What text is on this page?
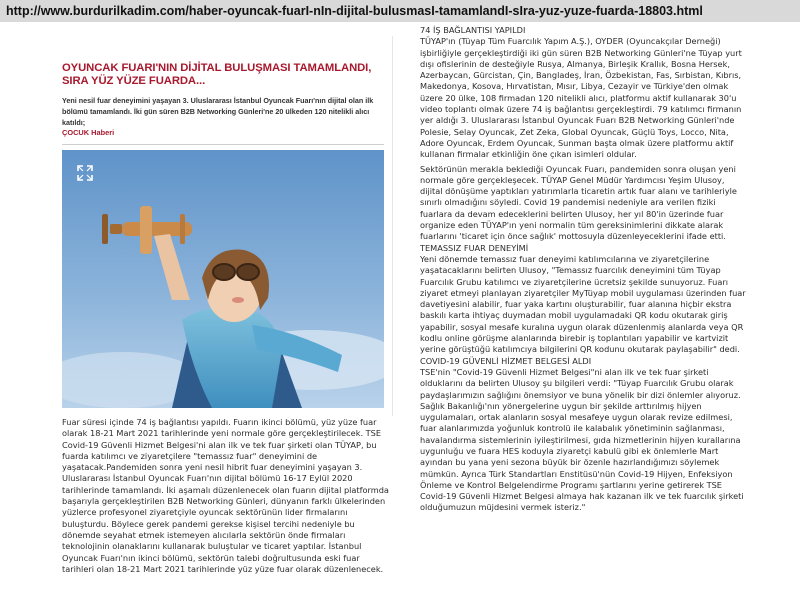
http://www.burdurilkadim.com/haber-oyuncak-fuarI-nIn-dijital-bulusmasI-tamamlandI-sIra-yuz-yuze-fuarda-18803.html
OYUNCAK FUARI'NIN DİJİTAL BULUŞMASI TAMAMLANDI, SIRA YÜZ YÜZE FUARDA...
Yeni nesil fuar deneyimini yaşayan 3. Uluslararası İstanbul Oyuncak Fuarı'nın dijital olan ilk bölümü tamamlandı. İki gün süren B2B Networking Günleri'ne 20 ülkeden 120 nitelikli alıcı katıldı;
ÇOCUK Haberi

Fuar süresi içinde 74 iş bağlantısı yapıldı. Fuarın ikinci bölümü, yüz yüze fuar olarak 18-21 Mart 2021 tarihlerinde yeni normale göre gerçekleştirilecek. TSE Covid-19 Güvenli Hizmet Belgesi'ni alan ilk ve tek fuar şirketi olan TÜYAP, bu fuarda katılımcı ve ziyaretçilere "temassız fuar" deneyimini de yaşatacak.Pandemiden sonra yeni nesil hibrit fuar deneyimini yaşayan 3. Uluslararası İstanbul Oyuncak Fuarı'nın dijital bölümü 16-17 Eylül 2020 tarihlerinde tamamlandı. İki aşamalı düzenlenecek olan fuarın dijital platformda başarıyla gerçekleştirilen B2B Networking Günleri, dünyanın farklı ülkelerinden yüzlerce profesyonel ziyaretçiyle oyuncak sektörünün lider firmalarını buluşturdu. Böylece gerek pandemi gerekse kişisel tercihi nedeniyle bu dönemde seyahat etmek istemeyen alıcılarla sektörün önde firmaları teknolojinin olanaklarını kullanarak buluştular ve ticaret yaptılar. İstanbul Oyuncak Fuarı'nın ikinci bölümü, sektörün talebi doğrultusunda eski fuar tarihleri olan 18-21 Mart 2021 tarihlerinde yüz yüze fuar olarak düzenlenecek.

74 İŞ BAĞLANTISI YAPILDI

TÜYAP'ın (Tüyap Tüm Fuarcılık Yapım A.Ş.), OYDER (Oyuncakçılar Derneği) işbirliğiyle gerçekleştirdiği iki gün süren B2B Networking Günleri'ne Tüyap yurt dışı ofislerinin de desteğiyle Rusya, Almanya, Birleşik Krallık, Bosna Hersek, Azerbaycan, Gürcistan, Çin, Bangladeş, İran, Özbekistan, Fas, Sırbistan, Kıbrıs, Makedonya, Kosova, Hırvatistan, Mısır, Libya, Cezayir ve Türkiye'den olmak üzere 20 ülke, 108 firmadan 120 nitelikli alıcı, platformu aktif kullanarak 30'u video toplantı olmak üzere 74 iş bağlantısı gerçekleştirdi. 79 katılımcı firmanın yer aldığı 3. Uluslararası İstanbul Oyuncak Fuarı B2B Networking Günleri'nde Polesie, Selay Oyuncak, Zet Zeka, Global Oyuncak, Güçlü Toys, Locco, Nita, Adore Oyuncak, Erdem Oyuncak, Sunman başta olmak üzere platformu aktif kullanan firmalar etkinliğin öne çıkan isimleri oldular.

Sektörünün merakla beklediği Oyuncak Fuarı, pandemiden sonra oluşan yeni normale göre gerçekleşecek. TÜYAP Genel Müdür Yardımcısı Yeşim Ulusoy, dijital dönüşüme yaptıkları yatırımlarla ticaretin artık fuar alanı ve tarihleriyle sınırlı olmadığını söyledi. Covid 19 pandemisi nedeniyle ara verilen fiziki fuarlara da devam edeceklerini belirten Ulusoy, her yıl 80'in üzerinde fuar organize eden TÜYAP'ın yeni normalin tüm gereksinimlerini dikkate alarak fuarlarını 'ticaret için önce sağlık' mottosuyla düzenleyeceklerini ifade etti.

TEMASSIZ FUAR DENEYİMİ

Yeni dönemde temassız fuar deneyimi katılımcılarına ve ziyaretçilerine yaşatacaklarını belirten Ulusoy, "Temassız fuarcılık deneyimini tüm Tüyap Fuarcılık Grubu katılımcı ve ziyaretçilerine ücretsiz şekilde sunuyoruz. Fuarı ziyaret etmeyi planlayan ziyaretçiler MyTüyap mobil uygulaması üzerinden fuar davetiyesini alabilir, fuar yaka kartını oluşturabilir, fuar alanına hiçbir ekstra baskılı karta ihtiyaç duymadan mobil uygulamadaki QR kodu okutarak giriş yapabilir, sosyal mesafe kuralına uygun olarak düzenlenmiş alanlarda veya QR kodlu online görüşme alanlarında birebir iş toplantıları yapabilir ve kartvizit yerine görüştüğü katılımcıya bilgilerini QR kodunu okutarak paylaşabilir" dedi.

COVID-19 GÜVENLİ HİZMET BELGESİ ALDI

TSE'nin "Covid-19 Güvenli Hizmet Belgesi"ni alan ilk ve tek fuar şirketi olduklarını da belirten Ulusoy şu bilgileri verdi: "Tüyap Fuarcılık Grubu olarak paydaşlarımızın sağlığını önemsiyor ve buna yönelik bir dizi önlemler alıyoruz. Sağlık Bakanlığı'nın yönergelerine uygun bir şekilde arttırılmış hijyen uygulamaları, ortak alanların sosyal mesafeye uygun olarak revize edilmesi, fuar alanlarımızda yoğunluk kontrolü ile kalabalık yönetiminin sağlanması, havalandırma sistemlerinin iyileştirilmesi, gıda hizmetlerinin hijyen kurallarına uygunluğu ve fuara HES koduyla ziyaretçi kabulü gibi ek önlemlerle Mart ayından bu yana yeni sezona büyük bir özenle hazırlandığımızı söylemek mümkün. Ayrıca Türk Standartları Enstitüsü'nün Covid-19 Hijyen, Enfeksiyon Önleme ve Kontrol Belgelendirme Programı şartlarını yerine getirerek TSE Covid-19 Güvenli Hizmet Belgesi almaya hak kazanan ilk ve tek fuarcılık şirketi olduğumuzun müjdesini vermek isteriz."
